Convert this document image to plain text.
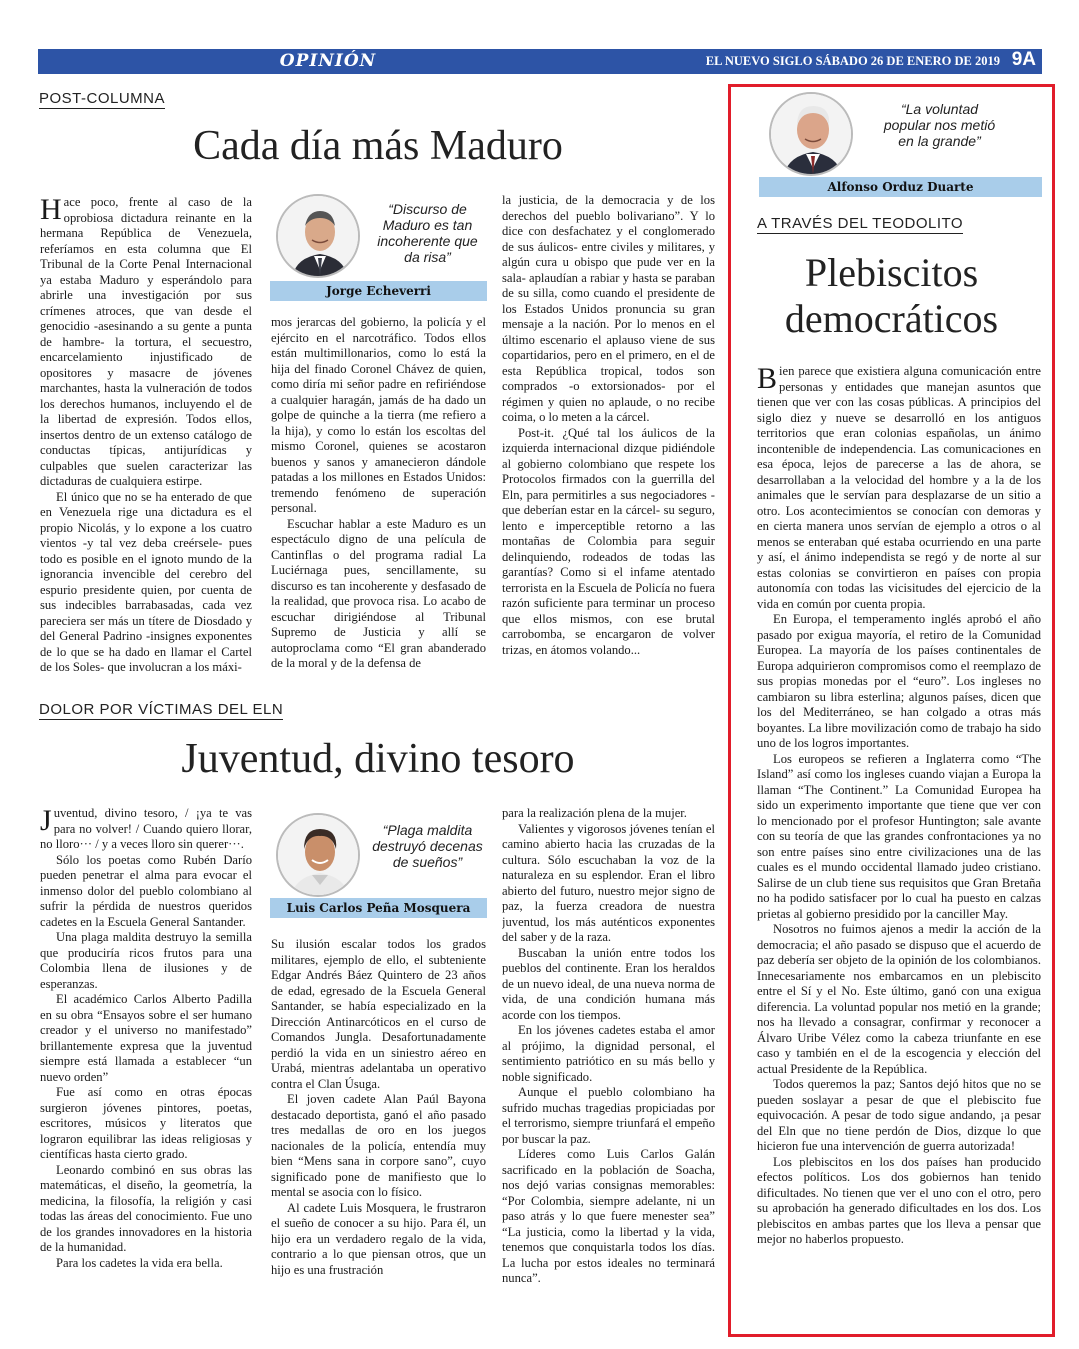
OPINIÓN	EL NUEVO SIGLO SÁBADO 26 DE ENERO DE 2019 9A
POST-COLUMNA
Cada día más Maduro

Hace poco, frente al caso de la oprobiosa dictadura reinante en la hermana República de Venezuela, referíamos en esta columna que El Tribunal de la Corte Penal Internacional ya estaba Maduro y esperándolo para abrirle una investigación por sus crímenes atroces, que van desde el genocidio -asesinando a su gente a punta de hambre- la tortura, el secuestro, encarcelamiento injustificado de opositores y masacre de jóvenes marchantes, hasta la vulneración de todos los derechos humanos, incluyendo el de la libertad de expresión. Todos ellos, insertos dentro de un extenso catálogo de conductas típicas, antijurídicas y culpables que suelen caracterizar las dictaduras de cualquiera estirpe.

El único que no se ha enterado de que en Venezuela rige una dictadura es el propio Nicolás, y lo expone a los cuatro vientos -y tal vez deba creérsele- pues todo es posible en el ignoto mundo de la ignorancia invencible del cerebro del espurio presidente quien, por cuenta de sus indecibles barrabasadas, cada vez pareciera ser más un títere de Diosdado y del General Padrino -insignes exponentes de lo que se ha dado en llamar el Cartel de los Soles- que involucran a los máxi-

“Discurso de Maduro es tan incoherente que da risa”
Jorge Echeverri

mos jerarcas del gobierno, la policía y el ejército en el narcotráfico. Todos ellos están multimillonarios, como lo está la hija del finado Coronel Chávez de quien, como diría mi señor padre en refiriéndose a cualquier haragán, jamás de ha dado un golpe de quinche a la tierra (me refiero a la hija), y como lo están los escoltas del mismo Coronel, quienes se acostaron buenos y sanos y amanecieron dándole patadas a los millones en Estados Unidos: tremendo fenómeno de superación personal.

Escuchar hablar a este Maduro es un espectáculo digno de una película de Cantinflas o del programa radial La Luciérnaga pues, sencillamente, su discurso es tan incoherente y desfasado de la realidad, que provoca risa. Lo acabo de escuchar dirigiéndose al Tribunal Supremo de Justicia y allí se autoproclama como “El gran abanderado de la moral y de la defensa de

la justicia, de la democracia y de los derechos del pueblo bolivariano”. Y lo dice con desfachatez y el conglomerado de sus áulicos- entre civiles y militares, y algún cura u obispo que pude ver en la sala- aplaudían a rabiar y hasta se paraban de su silla, como cuando el presidente de los Estados Unidos pronuncia su gran mensaje a la nación. Por lo menos en el último escenario el aplauso viene de sus copartidarios, pero en el primero, en el de esta República tropical, todos son comprados -o extorsionados- por el régimen y quien no aplaude, o no recibe coima, o lo meten a la cárcel.

Post-it. ¿Qué tal los áulicos de la izquierda internacional dizque pidiéndole al gobierno colombiano que respete los Protocolos firmados con la guerrilla del Eln, para permitirles a sus negociadores -que deberían estar en la cárcel- su seguro, lento e imperceptible retorno a las montañas de Colombia para seguir delinquiendo, rodeados de todas las garantías? Como si el infame atentado terrorista en la Escuela de Policía no fuera razón suficiente para terminar un proceso que ellos mismos, con ese brutal carrobomba, se encargaron de volver trizas, en átomos volando...

DOLOR POR VÍCTIMAS DEL ELN
Juventud, divino tesoro

Juventud, divino tesoro, / ¡ya te vas para no volver! / Cuando quiero llorar, no lloro··· / y a veces lloro sin querer···.

Sólo los poetas como Rubén Darío pueden penetrar el alma para evocar el inmenso dolor del pueblo colombiano al sufrir la pérdida de nuestros queridos cadetes en la Escuela General Santander.

Una plaga maldita destruyo la semilla que produciría ricos frutos para una Colombia llena de ilusiones y de esperanzas.

El académico Carlos Alberto Padilla en su obra “Ensayos sobre el ser humano creador y el universo no manifestado” brillantemente expresa que la juventud siempre está llamada a establecer “un nuevo orden”

Fue así como en otras épocas surgieron jóvenes pintores, poetas, escritores, músicos y literatos que lograron equilibrar las ideas religiosas y científicas hasta cierto grado.

Leonardo combinó en sus obras las matemáticas, el diseño, la geometría, la medicina, la filosofía, la religión y casi todas las áreas del conocimiento. Fue uno de los grandes innovadores en la historia de la humanidad.

Para los cadetes la vida era bella.

“Plaga maldita destruyó decenas de sueños”
Luis Carlos Peña Mosquera

Su ilusión escalar todos los grados militares, ejemplo de ello, el subteniente Edgar Andrés Báez Quintero de 23 años de edad, egresado de la Escuela General Santander, se había especializado en la Dirección Antinarcóticos en el curso de Comandos Jungla. Desafortunadamente perdió la vida en un siniestro aéreo en Urabá, mientras adelantaba un operativo contra el Clan Úsuga.

El joven cadete Alan Paúl Bayona destacado deportista, ganó el año pasado tres medallas de oro en los juegos nacionales de la policía, entendía muy bien “Mens sana in corpore sano”, cuyo significado pone de manifiesto que lo mental se asocia con lo físico.

Al cadete Luis Mosquera, le frustraron el sueño de conocer a su hijo. Para él, un hijo era un verdadero regalo de la vida, contrario a lo que piensan otros, que un hijo es una frustración

para la realización plena de la mujer.

Valientes y vigorosos jóvenes tenían el camino abierto hacia las cruzadas de la cultura. Sólo escuchaban la voz de la naturaleza en su esplendor. Eran el libro abierto del futuro, nuestro mejor signo de paz, la fuerza creadora de nuestra juventud, los más auténticos exponentes del saber y de la raza.

Buscaban la unión entre todos los pueblos del continente. Eran los heraldos de un nuevo ideal, de una nueva norma de vida, de una condición humana más acorde con los tiempos.

En los jóvenes cadetes estaba el amor al prójimo, la dignidad personal, el sentimiento patriótico en su más bello y noble significado.

Aunque el pueblo colombiano ha sufrido muchas tragedias propiciadas por el terrorismo, siempre triunfará el empeño por buscar la paz.

Líderes como Luis Carlos Galán sacrificado en la población de Soacha, nos dejó varias consignas memorables: “Por Colombia, siempre adelante, ni un paso atrás y lo que fuere menester sea” “La justicia, como la libertad y la vida, tenemos que conquistarla todos los días. La lucha por estos ideales no terminará nunca”.

“La voluntad popular nos metió en la grande”
Alfonso Orduz Duarte
A TRAVÉS DEL TEODOLITO
Plebiscitos
democráticos

Bien parece que existiera alguna comunicación entre personas y entidades que manejan asuntos que tienen que ver con las cosas públicas. A principios del siglo diez y nueve se desarrolló en los antiguos territorios que eran colonias españolas, un ánimo incontenible de independencia. Las comunicaciones en esa época, lejos de parecerse a las de ahora, se desarrollaban a la velocidad del hombre y a la de los animales que le servían para desplazarse de un sitio a otro. Los acontecimientos se conocían con demoras y en cierta manera unos servían de ejemplo a otros o al menos se enteraban qué estaba ocurriendo en una parte y así, el ánimo independista se regó y de norte al sur estas colonias se convirtieron en países con propia autonomía con todas las vicisitudes del ejercicio de la vida en común por cuenta propia.

En Europa, el temperamento inglés aprobó el año pasado por exigua mayoría, el retiro de la Comunidad Europea. La mayoría de los países continentales de Europa adquirieron compromisos como el reemplazo de sus propias monedas por el “euro”. Los ingleses no cambiaron su libra esterlina; algunos países, dicen que los del Mediterráneo, se han colgado a otras más boyantes. La libre movilización como de trabajo ha sido uno de los logros importantes.

Los europeos se refieren a Inglaterra como “The Island” así como los ingleses cuando viajan a Europa la llaman “The Continent.” La Comunidad Europea ha sido un experimento importante que tiene que ver con lo mencionado por el profesor Huntington; sale avante con su teoría de que las grandes confrontaciones ya no son entre países sino entre civilizaciones una de las cuales es el mundo occidental llamado judeo cristiano. Salirse de un club tiene sus requisitos que Gran Bretaña no ha podido satisfacer por lo cual ha puesto en calzas prietas al gobierno presidido por la canciller May.

Nosotros no fuimos ajenos a medir la acción de la democracia; el año pasado se dispuso que el acuerdo de paz debería ser objeto de la opinión de los colombianos. Innecesariamente nos embarcamos en un plebiscito entre el Sí y el No. Este último, ganó con una exigua diferencia. La voluntad popular nos metió en la grande; nos ha llevado a consagrar, confirmar y reconocer a Álvaro Uribe Vélez como la cabeza triunfante en ese caso y también en el de la escogencia y elección del actual Presidente de la República.

Todos queremos la paz; Santos dejó hitos que no se pueden soslayar a pesar de que el plebiscito fue equivocación. A pesar de todo sigue andando, ¡a pesar del Eln que no tiene perdón de Dios, dizque lo que hicieron fue una intervención de guerra autorizada!

Los plebiscitos en los dos países han producido efectos políticos. Los dos gobiernos han tenido dificultades. No tienen que ver el uno con el otro, pero su aprobación ha generado dificultades en los dos. Los plebiscitos en ambas partes que los lleva a pensar que mejor no haberlos propuesto.
